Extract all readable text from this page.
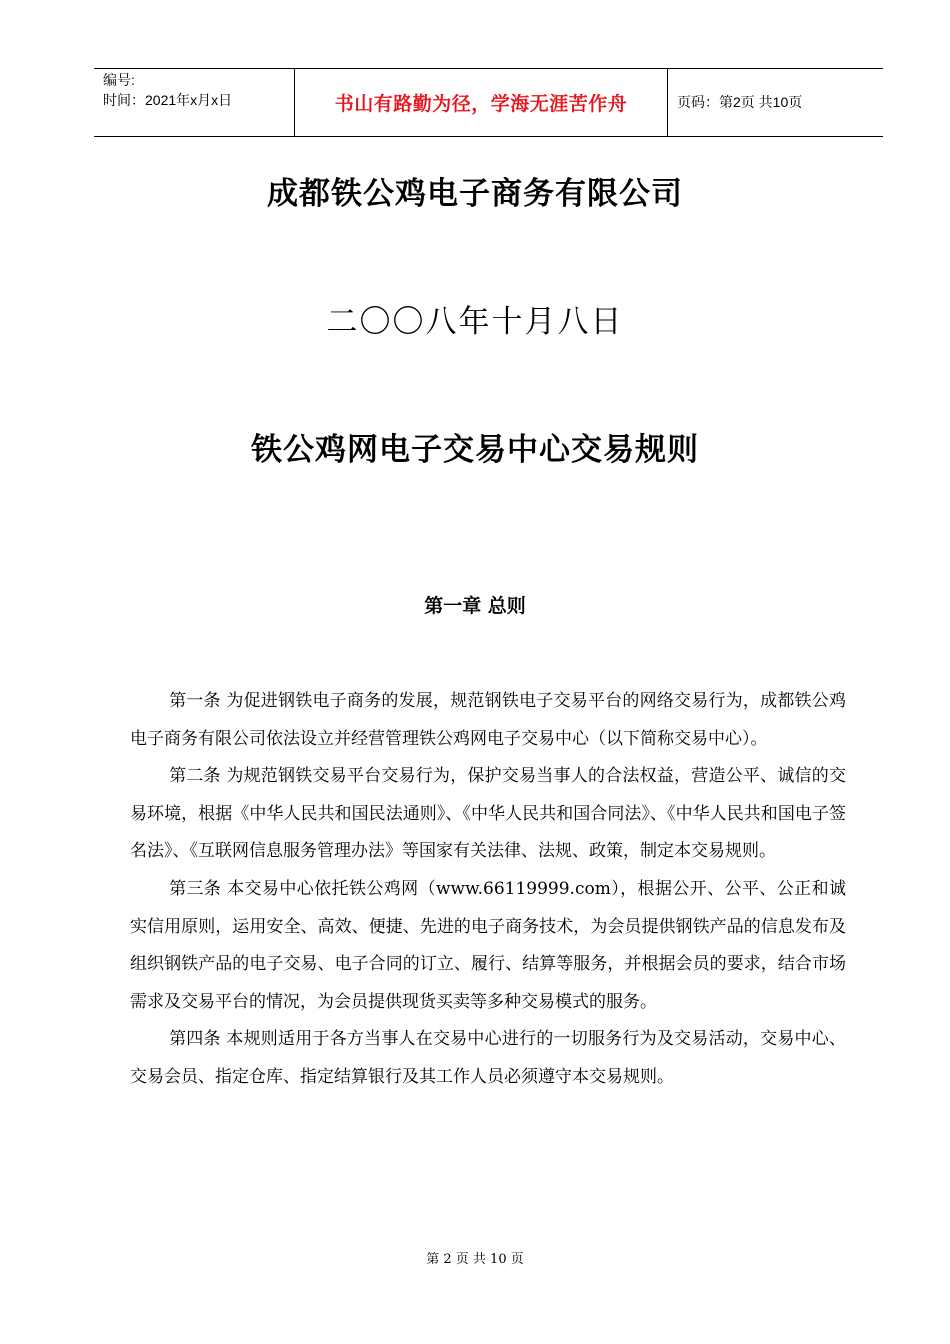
编号:
时间：2021年x月x日	书山有路勤为径，学海无涯苦作舟	页码：第2页 共10页
成都铁公鸡电子商务有限公司
二〇〇八年十月八日
铁公鸡网电子交易中心交易规则
第一章 总则

第一条 为促进钢铁电子商务的发展，规范钢铁电子交易平台的网络交易行为，成都铁公鸡电子商务有限公司依法设立并经营管理铁公鸡网电子交易中心（以下简称交易中心）。

第二条 为规范钢铁交易平台交易行为，保护交易当事人的合法权益，营造公平、诚信的交易环境，根据《中华人民共和国民法通则》、《中华人民共和国合同法》、《中华人民共和国电子签名法》、《互联网信息服务管理办法》等国家有关法律、法规、政策，制定本交易规则。

第三条 本交易中心依托铁公鸡网（www.66119999.com），根据公开、公平、公正和诚实信用原则，运用安全、高效、便捷、先进的电子商务技术，为会员提供钢铁产品的信息发布及组织钢铁产品的电子交易、电子合同的订立、履行、结算等服务，并根据会员的要求，结合市场需求及交易平台的情况，为会员提供现货买卖等多种交易模式的服务。

第四条 本规则适用于各方当事人在交易中心进行的一切服务行为及交易活动，交易中心、交易会员、指定仓库、指定结算银行及其工作人员必须遵守本交易规则。

第 2 页 共 10 页
